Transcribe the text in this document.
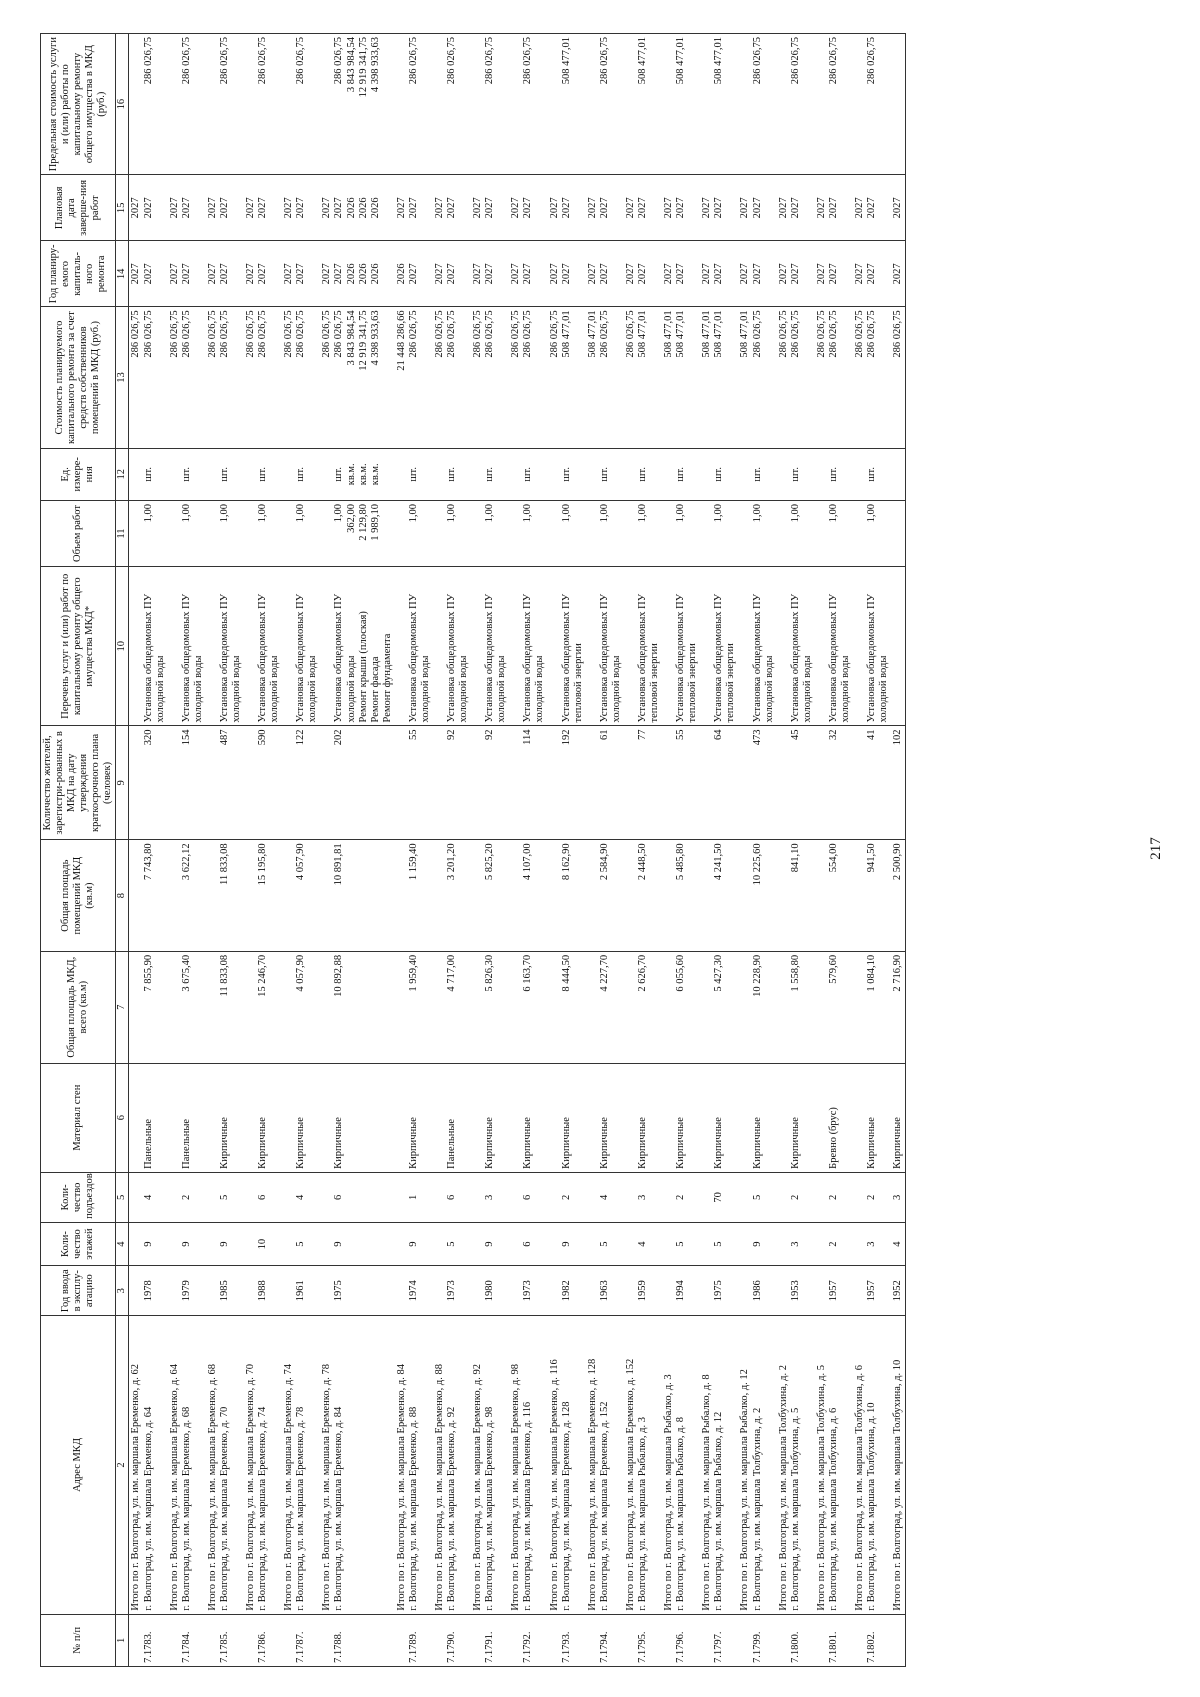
217
№ п/п	Адрес МКД	Год ввода в эксплу-атацию	Коли-чество этажей	Коли-чество подъездов	Материал стен	Общая площадь МКД, всего (кв.м)	Общая площадь помещений МКД (кв.м)	Количество жителей, зарегистри-рованных в МКД на дату утверждения краткосрочного плана (человек)	Перечень услуг и (или) работ по капитальному ремонту общего имущества МКД*	Объем работ	Ед. измере-ния	Стоимость планируемого капитального ремонта за счет средств собственников помещений в МКД (руб.)	Год планиру-емого капиталь-ного ремонта	Плановая дата заверше-ния работ	Предельная стоимость услуги и (или) работы по капитальному ремонту общего имущества в МКД (руб.)
1	2	3	4	5	6	7	8	9	10	11	12	13	14	15	16

7.1783.	Итого по г. Волгоград, ул. им. маршала Еременко, д. 62 г. Волгоград, ул. им. маршала Еременко, д. 64	1978	9	4	Панельные	7 855,90	7 743,80	320	Установка общедомовых ПУ холодной воды	1,00	шт.	286 026,75 286 026,75	2027 2027	2027 2027	286 026,75

7.1784.	Итого по г. Волгоград, ул. им. маршала Еременко, д. 64 г. Волгоград, ул. им. маршала Еременко, д. 68	1979	9	2	Панельные	3 675,40	3 622,12	154	Установка общедомовых ПУ холодной воды	1,00	шт.	286 026,75 286 026,75	2027 2027	2027 2027	286 026,75

7.1785.	Итого по г. Волгоград, ул. им. маршала Еременко, д. 68 г. Волгоград, ул. им. маршала Еременко, д. 70	1985	9	5	Кирпичные	11 833,08	11 833,08	487	Установка общедомовых ПУ холодной воды	1,00	шт.	286 026,75 286 026,75	2027 2027	2027 2027	286 026,75

7.1786.	Итого по г. Волгоград, ул. им. маршала Еременко, д. 70 г. Волгоград, ул. им. маршала Еременко, д. 74	1988	10	6	Кирпичные	15 246,70	15 195,80	590	Установка общедомовых ПУ холодной воды	1,00	шт.	286 026,75 286 026,75	2027 2027	2027 2027	286 026,75

7.1787.	Итого по г. Волгоград, ул. им. маршала Еременко, д. 74 г. Волгоград, ул. им. маршала Еременко, д. 78	1961	5	4	Кирпичные	4 057,90	4 057,90	122	Установка общедомовых ПУ холодной воды	1,00	шт.	286 026,75 286 026,75	2027 2027	2027 2027	286 026,75

7.1788.	Итого по г. Волгоград, ул. им. маршала Еременко, д. 78 г. Волгоград, ул. им. маршала Еременко, д. 84	1975	9	6	Кирпичные	10 892,88	10 891,81	202	Установка общедомовых ПУ холодной воды Ремонт крыши (плоская) Ремонт фасада Ремонт фундамента	1,00 362,00 2 129,80 1 989,10	шт. кв.м. кв.м. кв.м.	286 026,75 286 026,75 3 843 984,54 12 919 341,75 4 398 933,63	2027 2027 2026 2026 2026	2027 2027 2026 2026 2026	286 026,75 3 843 984,54 12 919 341,75 4 398 933,63

7.1789.	Итого по г. Волгоград, ул. им. маршала Еременко, д. 84 г. Волгоград, ул. им. маршала Еременко, д. 88	1974	9	1	Кирпичные	1 959,40	1 159,40	55	Установка общедомовых ПУ холодной воды	1,00	шт.	21 448 286,66 286 026,75	2026 2027	2027 2027	286 026,75

7.1790.	Итого по г. Волгоград, ул. им. маршала Еременко, д. 88 г. Волгоград, ул. им. маршала Еременко, д. 92	1973	5	6	Панельные	4 717,00	3 201,20	92	Установка общедомовых ПУ холодной воды	1,00	шт.	286 026,75 286 026,75	2027 2027	2027 2027	286 026,75

7.1791.	Итого по г. Волгоград, ул. им. маршала Еременко, д. 92 г. Волгоград, ул. им. маршала Еременко, д. 98	1980	9	3	Кирпичные	5 826,30	5 825,20	92	Установка общедомовых ПУ холодной воды	1,00	шт.	286 026,75 286 026,75	2027 2027	2027 2027	286 026,75

7.1792.	Итого по г. Волгоград, ул. им. маршала Еременко, д. 98 г. Волгоград, ул. им. маршала Еременко, д. 116	1973	6	6	Кирпичные	6 163,70	4 107,00	114	Установка общедомовых ПУ холодной воды	1,00	шт.	286 026,75 286 026,75	2027 2027	2027 2027	286 026,75

7.1793.	Итого по г. Волгоград, ул. им. маршала Еременко, д. 116 г. Волгоград, ул. им. маршала Еременко, д. 128	1982	9	2	Кирпичные	8 444,50	8 162,90	192	Установка общедомовых ПУ тепловой энергии	1,00	шт.	286 026,75 508 477,01	2027 2027	2027 2027	508 477,01

7.1794.	Итого по г. Волгоград, ул. им. маршала Еременко, д. 128 г. Волгоград, ул. им. маршала Еременко, д. 152	1963	5	4	Кирпичные	4 227,70	2 584,90	61	Установка общедомовых ПУ холодной воды	1,00	шт.	508 477,01 286 026,75	2027 2027	2027 2027	286 026,75

7.1795.	Итого по г. Волгоград, ул. им. маршала Еременко, д. 152 г. Волгоград, ул. им. маршала Рыбалко, д. 3	1959	4	3	Кирпичные	2 626,70	2 448,50	77	Установка общедомовых ПУ тепловой энергии	1,00	шт.	286 026,75 508 477,01	2027 2027	2027 2027	508 477,01

7.1796.	Итого по г. Волгоград, ул. им. маршала Рыбалко, д. 3 г. Волгоград, ул. им. маршала Рыбалко, д. 8	1994	5	2	Кирпичные	6 055,60	5 485,80	55	Установка общедомовых ПУ тепловой энергии	1,00	шт.	508 477,01 508 477,01	2027 2027	2027 2027	508 477,01

7.1797.	Итого по г. Волгоград, ул. им. маршала Рыбалко, д. 8 г. Волгоград, ул. им. маршала Рыбалко, д. 12	1975	5	70	Кирпичные	5 427,30	4 241,50	64	Установка общедомовых ПУ тепловой энергии	1,00	шт.	508 477,01 508 477,01	2027 2027	2027 2027	508 477,01

7.1799.	Итого по г. Волгоград, ул. им. маршала Рыбалко, д. 12 г. Волгоград, ул. им. маршала Толбухина, д. 2	1986	9	5	Кирпичные	10 228,90	10 225,60	473	Установка общедомовых ПУ холодной воды	1,00	шт.	508 477,01 286 026,75	2027 2027	2027 2027	286 026,75

7.1800.	Итого по г. Волгоград, ул. им. маршала Толбухина, д. 2 г. Волгоград, ул. им. маршала Толбухина, д. 5	1953	3	2	Кирпичные	1 558,80	841,10	45	Установка общедомовых ПУ холодной воды	1,00	шт.	286 026,75 286 026,75	2027 2027	2027 2027	286 026,75

7.1801.	Итого по г. Волгоград, ул. им. маршала Толбухина, д. 5 г. Волгоград, ул. им. маршала Толбухина, д. 6	1957	2	2	Бревно (брус)	579,60	554,00	32	Установка общедомовых ПУ холодной воды	1,00	шт.	286 026,75 286 026,75	2027 2027	2027 2027	286 026,75

7.1802.	Итого по г. Волгоград, ул. им. маршала Толбухина, д. 6 г. Волгоград, ул. им. маршала Толбухина, д. 10	1957	3	2	Кирпичные	1 084,10	941,50	41	Установка общедомовых ПУ холодной воды	1,00	шт.	286 026,75 286 026,75	2027 2027	2027 2027	286 026,75

	Итого по г. Волгоград, ул. им. маршала Толбухина, д. 10	1952	4	3	Кирпичные	2 716,90	2 500,90	102				286 026,75	2027	2027	
